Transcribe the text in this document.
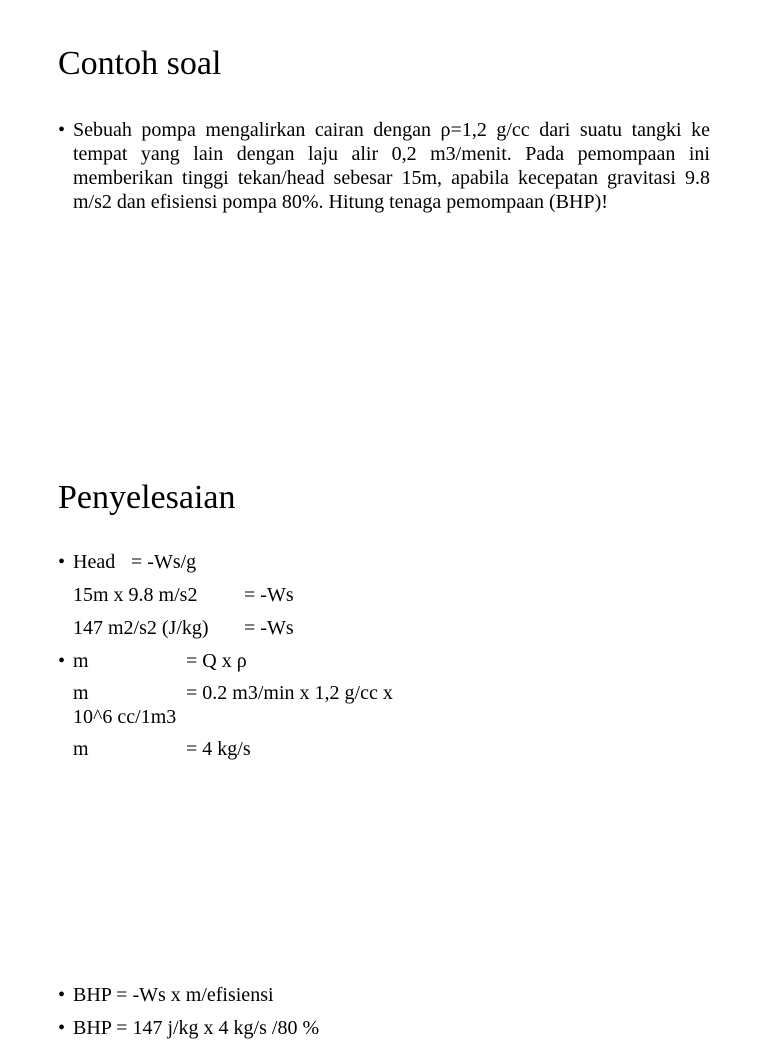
Contoh soal
• Sebuah pompa mengalirkan cairan dengan ρ=1,2 g/cc dari suatu tangki ke tempat yang lain dengan laju alir 0,2 m3/menit. Pada pemompaan ini memberikan tinggi tekan/head sebesar 15m, apabila kecepatan gravitasi 9.8 m/s2 dan efisiensi pompa 80%. Hitung tenaga pemompaan (BHP)!
Penyelesaian
• Head = -Ws/g
15m x 9.8 m/s2 = -Ws
147 m2/s2 (J/kg) = -Ws
• m	= Q x ρ
m	= 0.2 m3/min x 1,2 g/cc x
10^6 cc/1m3
m	= 4 kg/s
• BHP = -Ws x m/efisiensi
• BHP = 147 j/kg x 4 kg/s /80 %
